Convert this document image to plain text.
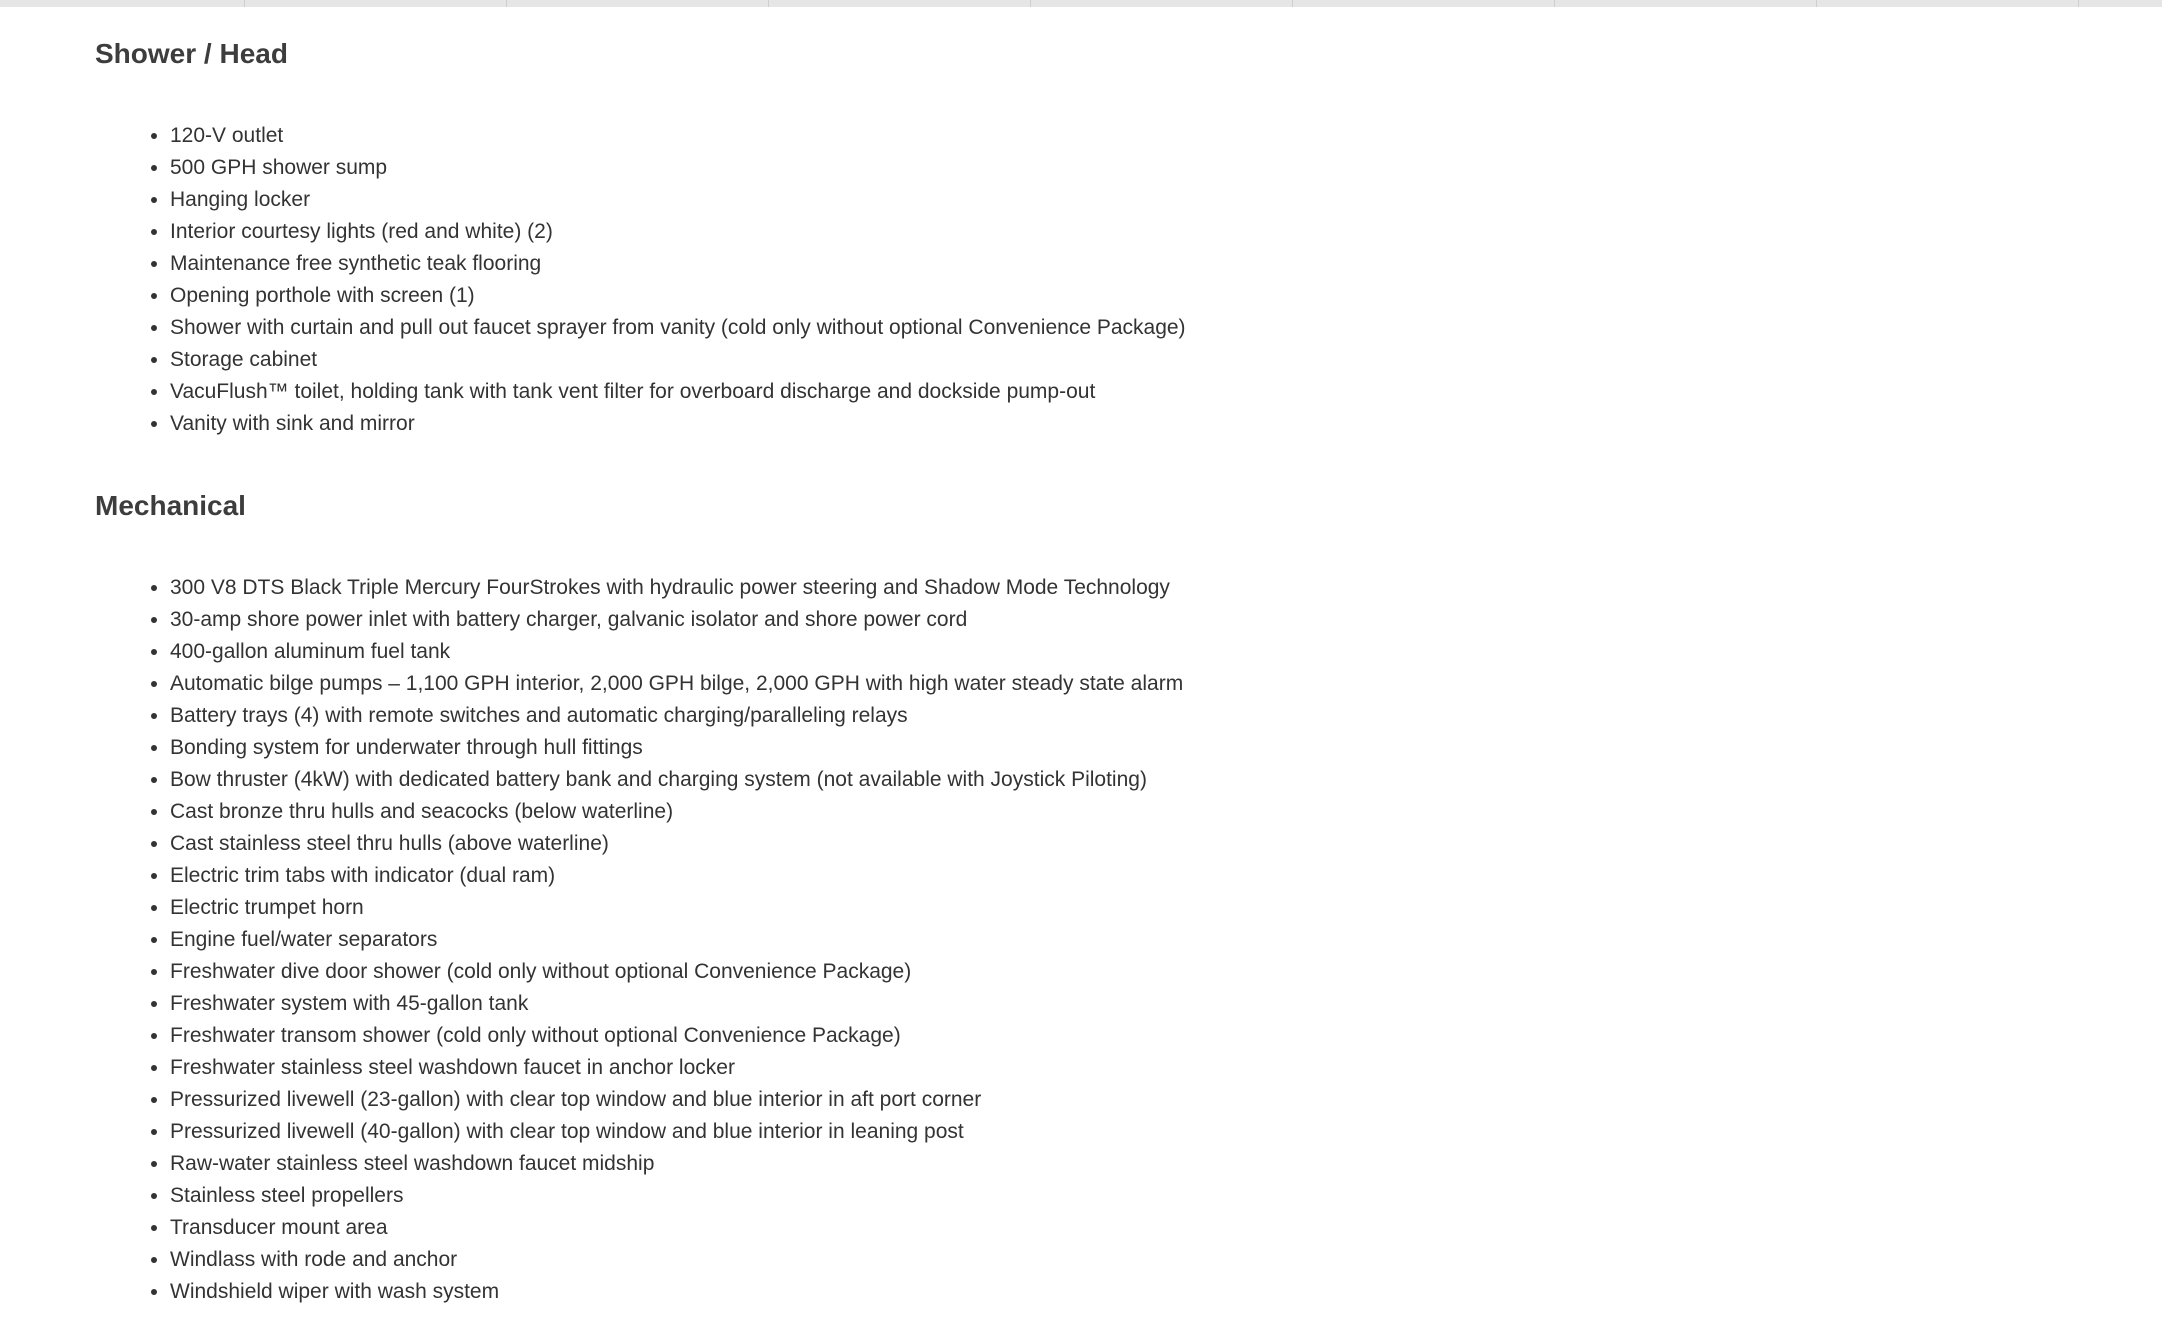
Shower / Head
• 120-V outlet
• 500 GPH shower sump
• Hanging locker
• Interior courtesy lights (red and white) (2)
• Maintenance free synthetic teak flooring
• Opening porthole with screen (1)
• Shower with curtain and pull out faucet sprayer from vanity (cold only without optional Convenience Package)
• Storage cabinet
• VacuFlush™ toilet, holding tank with tank vent filter for overboard discharge and dockside pump-out
• Vanity with sink and mirror
Mechanical
• 300 V8 DTS Black Triple Mercury FourStrokes with hydraulic power steering and Shadow Mode Technology
• 30-amp shore power inlet with battery charger, galvanic isolator and shore power cord
• 400-gallon aluminum fuel tank
• Automatic bilge pumps – 1,100 GPH interior, 2,000 GPH bilge, 2,000 GPH with high water steady state alarm
• Battery trays (4) with remote switches and automatic charging/paralleling relays
• Bonding system for underwater through hull fittings
• Bow thruster (4kW) with dedicated battery bank and charging system (not available with Joystick Piloting)
• Cast bronze thru hulls and seacocks (below waterline)
• Cast stainless steel thru hulls (above waterline)
• Electric trim tabs with indicator (dual ram)
• Electric trumpet horn
• Engine fuel/water separators
• Freshwater dive door shower (cold only without optional Convenience Package)
• Freshwater system with 45-gallon tank
• Freshwater transom shower (cold only without optional Convenience Package)
• Freshwater stainless steel washdown faucet in anchor locker
• Pressurized livewell (23-gallon) with clear top window and blue interior in aft port corner
• Pressurized livewell (40-gallon) with clear top window and blue interior in leaning post
• Raw-water stainless steel washdown faucet midship
• Stainless steel propellers
• Transducer mount area
• Windlass with rode and anchor
• Windshield wiper with wash system
